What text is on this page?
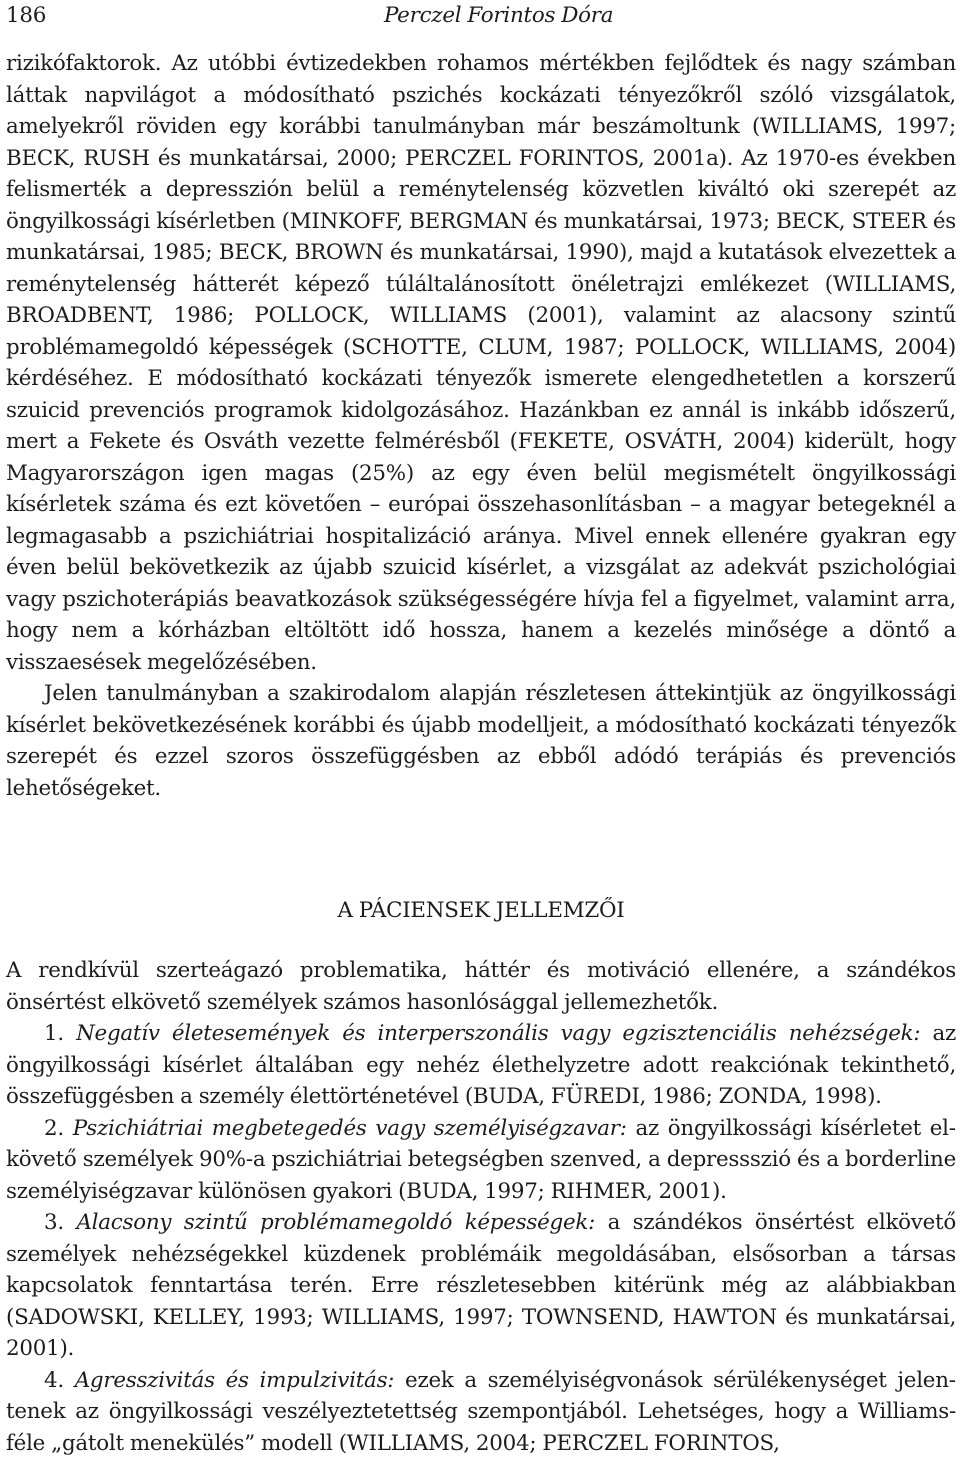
186	Perczel Forintos Dóra

rizikófaktorok. Az utóbbi évtizedekben rohamos mértékben fejlődtek és nagy számban láttak napvilágot a módosítható pszichés kockázati tényezőkről szóló vizsgálatok, amelyekről röviden egy korábbi tanulmányban már beszámoltunk (WILLIAMS, 1997; BECK, RUSH és munkatársai, 2000; PERCZEL FORINTOS, 2001a). Az 1970-es években felismerték a depresszión belül a reménytelenség közvetlen kiváltó oki szerepét az öngyilkossági kísérletben (MINKOFF, BERGMAN és munkatársai, 1973; BECK, STEER és munkatársai, 1985; BECK, BROWN és munkatársai, 1990), majd a kutatások elvezettek a reménytelenség hátterét képező túláltalánosított önéletrajzi emlékezet (WILLIAMS, BROADBENT, 1986; POLLOCK, WILLIAMS (2001), valamint az alacsony szintű problémamegoldó képességek (SCHOTTE, CLUM, 1987; POLLOCK, WILLIAMS, 2004) kérdéséhez. E módosítható kockázati tényezők ismerete elengedhetetlen a korszerű szuicid prevenciós programok kidolgozásához. Hazánkban ez annál is inkább időszerű, mert a Fekete és Osváth vezette felmérésből (FEKETE, OSVÁTH, 2004) kiderült, hogy Magyarországon igen magas (25%) az egy éven belül megismételt öngyilkossági kísérletek száma és ezt követően – európai összehasonlításban – a magyar betegeknél a legmagasabb a pszichiátriai hospitalizáció aránya. Mivel ennek ellenére gyakran egy éven belül bekövetkezik az újabb szuicid kísérlet, a vizsgálat az adekvát pszichológiai vagy pszichoterápiás beavatkozások szükségességére hívja fel a figyelmet, valamint arra, hogy nem a kórházban eltöltött idő hossza, hanem a kezelés minősége a döntő a visszaesések megelőzésében.

Jelen tanulmányban a szakirodalom alapján részletesen áttekintjük az öngyilkossági kísérlet bekövetkezésének korábbi és újabb modelljeit, a módosítható kockázati tényezők szerepét és ezzel szoros összefüggésben az ebből adódó terápiás és prevenciós lehetőségeket.

A PÁCIENSEK JELLEMZŐI

A rendkívül szerteágazó problematika, háttér és motiváció ellenére, a szándékos önsértést elkövető személyek számos hasonlósággal jellemezhetők.

1. Negatív életesemények és interperszonális vagy egzisztenciális nehézségek: az öngyilkossági kísérlet általában egy nehéz élethelyzetre adott reakciónak tekinthető, összefüggésben a személy élettörténetével (BUDA, FÜREDI, 1986; ZONDA, 1998).

2. Pszichiátriai megbetegedés vagy személyiségzavar: az öngyilkossági kísérletet elkövető személyek 90%-a pszichiátriai betegségben szenved, a depressszió és a borderline személyiségzavar különösen gyakori (BUDA, 1997; RIHMER, 2001).

3. Alacsony szintű problémamegoldó képességek: a szándékos önsértést elkövető személyek nehézségekkel küzdenek problémáik megoldásában, elsősorban a társas kapcsolatok fenntartása terén. Erre részletesebben kitérünk még az alábbiakban (SADOWSKI, KELLEY, 1993; WILLIAMS, 1997; TOWNSEND, HAWTON és munkatársai, 2001).

4. Agresszivitás és impulzivitás: ezek a személyiségvonások sérülékenységet jelentenek az öngyilkossági veszélyeztetettség szempontjából. Lehetséges, hogy a Williams-féle „gátolt menekülés” modell (WILLIAMS, 2004; PERCZEL FORINTOS,
